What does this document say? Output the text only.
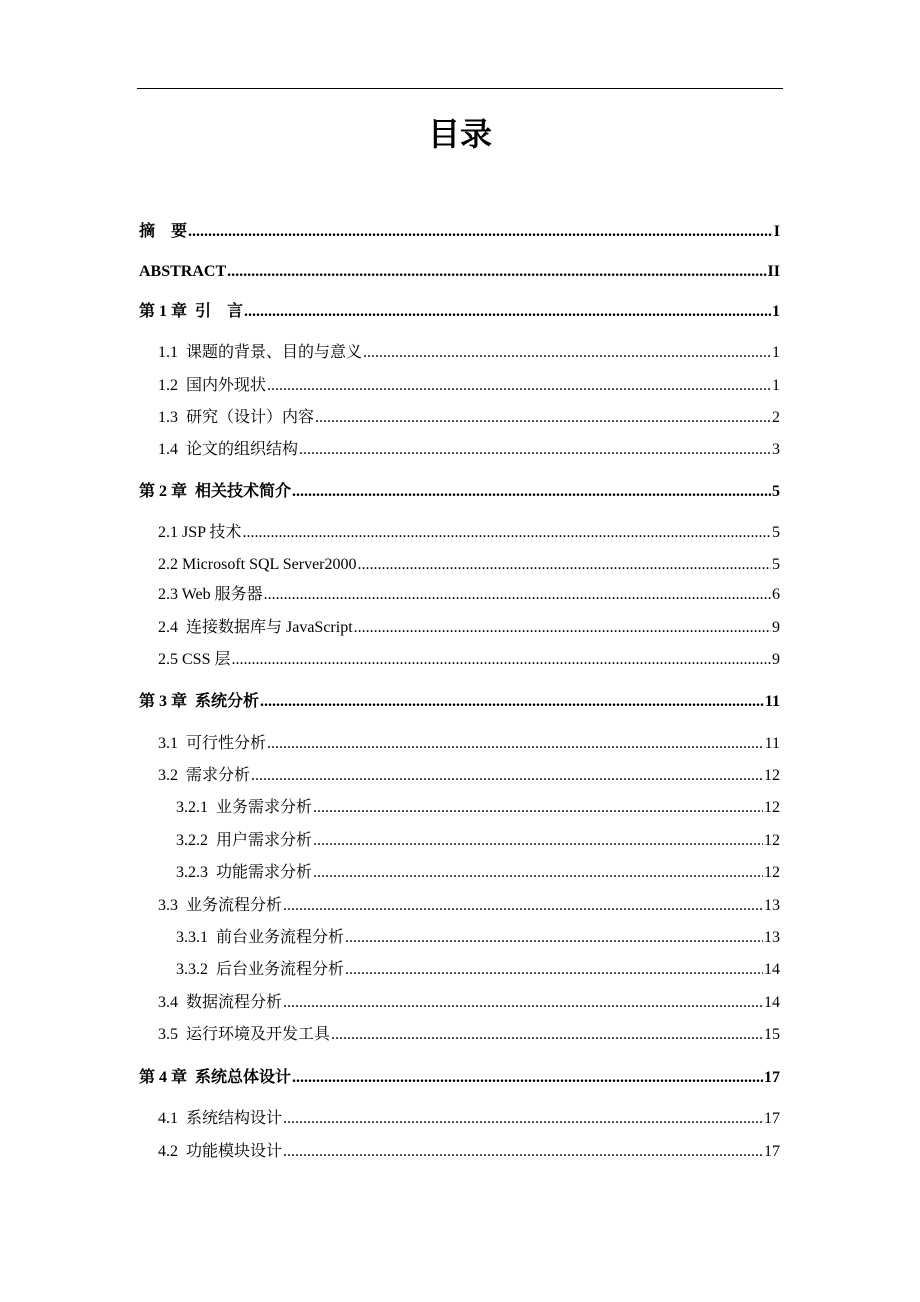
目录
摘　要 .....	I
ABSTRACT .....	II
第 1 章  引　言 .....	1
1.1  课题的背景、目的与意义 .....	1
1.2  国内外现状 .....	1
1.3  研究（设计）内容 .....	2
1.4  论文的组织结构 .....	3
第 2 章  相关技术简介 .....	5
2.1 JSP 技术 .....	5
2.2 Microsoft SQL Server2000 .....	5
2.3 Web 服务器 .....	6
2.4  连接数据库与 JavaScript .....	9
2.5 CSS 层 .....	9
第 3 章  系统分析 .....	11
3.1  可行性分析 .....	11
3.2  需求分析 .....	12
3.2.1  业务需求分析 .....	12
3.2.2  用户需求分析 .....	12
3.2.3  功能需求分析 .....	12
3.3  业务流程分析 .....	13
3.3.1  前台业务流程分析 .....	13
3.3.2  后台业务流程分析 .....	14
3.4  数据流程分析 .....	14
3.5  运行环境及开发工具 .....	15
第 4 章  系统总体设计 .....	17
4.1  系统结构设计 .....	17
4.2  功能模块设计 .....	17
